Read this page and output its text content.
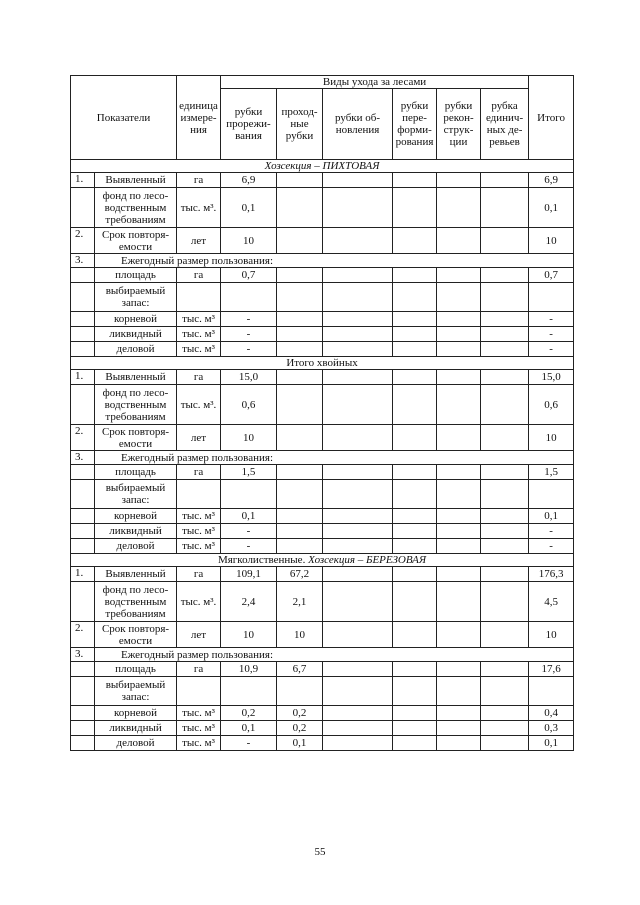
Показатели		единица измере-ния	Виды ухода за лесами						Итого
			рубки прорежи-вания	проход-ные рубки	рубки об-новления	рубки пере-форми-рования	рубки рекон-струк-ции	рубка единич-ных де-ревьев	
Хозсекция – ПИХТОВАЯ									
1.	Выявленный	га	6,9						6,9
	фонд по лесо-водственным требованиям	тыс. м³.	0,1						0,1
2.	Срок повторя-емости	лет	10						10
3.	Ежегодный размер пользования:								
	площадь	га	0,7						0,7
	выбираемый запас:								
	корневой	тыс. м³	-						-
	ликвидный	тыс. м³	-						-
	деловой	тыс. м³	-						-
Итого хвойных									
1.	Выявленный	га	15,0						15,0
	фонд по лесо-водственным требованиям	тыс. м³.	0,6						0,6
2.	Срок повторя-емости	лет	10						10
3.	Ежегодный размер пользования:								
	площадь	га	1,5						1,5
	выбираемый запас:								
	корневой	тыс. м³	0,1						0,1
	ликвидный	тыс. м³	-						-
	деловой	тыс. м³	-						-
Мягколиственные. Хозсекция – БЕРЕЗОВАЯ									
1.	Выявленный	га	109,1	67,2					176,3
	фонд по лесо-водственным требованиям	тыс. м³.	2,4	2,1					4,5
2.	Срок повторя-емости	лет	10	10					10
3.	Ежегодный размер пользования:								
	площадь	га	10,9	6,7					17,6
	выбираемый запас:								
	корневой	тыс. м³	0,2	0,2					0,4
	ликвидный	тыс. м³	0,1	0,2					0,3
	деловой	тыс. м³	-	0,1					0,1
55
